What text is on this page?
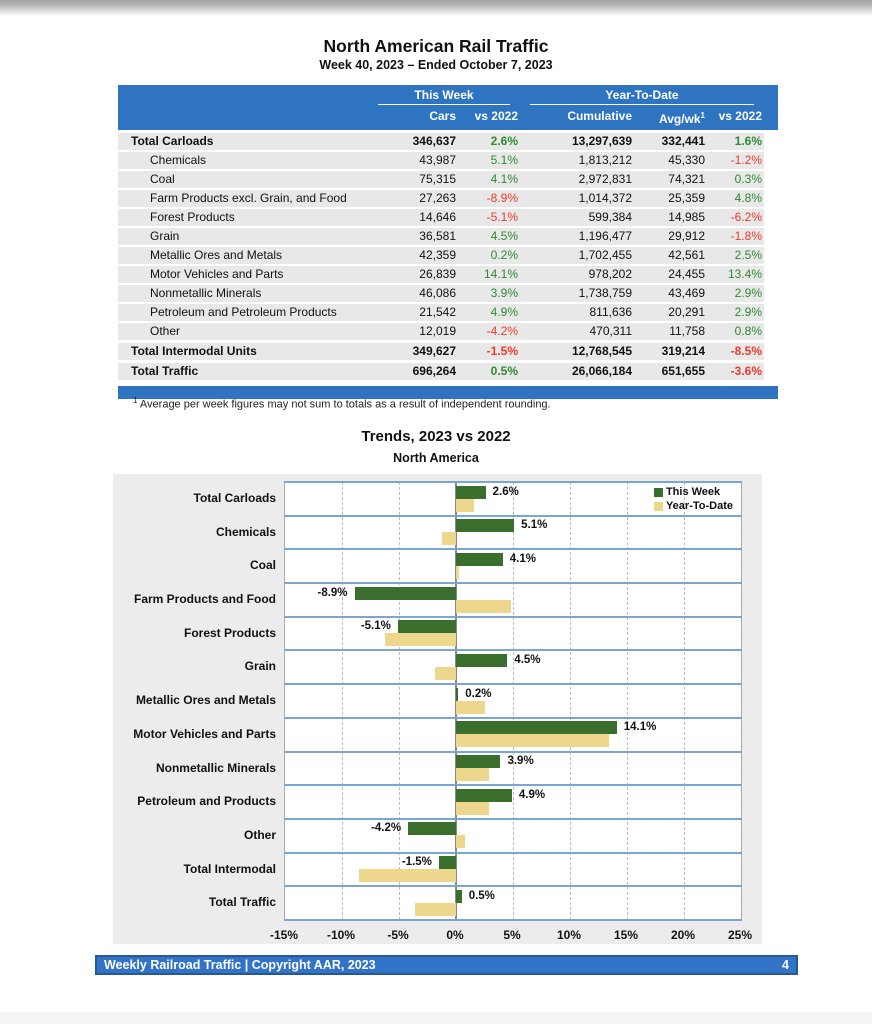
North American Rail Traffic
Week 40, 2023 – Ended October 7, 2023
This Week	Year-To-Date
Cars	vs 2022	Cumulative	Avg/$wk^1$	vs 2022
Total Carloads	346,637	2.6%	13,297,639	332,441	1.6%
Chemicals	43,987	5.1%	1,813,212	45,330	-1.2%
Coal	75,315	4.1%	2,972,831	74,321	0.3%
Farm Products excl. Grain, and Food	27,263	-8.9%	1,014,372	25,359	4.8%
Forest Products	14,646	-5.1%	599,384	14,985	-6.2%
Grain	36,581	4.5%	1,196,477	29,912	-1.8%
Metallic Ores and Metals	42,359	0.2%	1,702,455	42,561	2.5%
Motor Vehicles and Parts	26,839	14.1%	978,202	24,455	13.4%
Nonmetallic Minerals	46,086	3.9%	1,738,759	43,469	2.9%
Petroleum and Petroleum Products	21,542	4.9%	811,636	20,291	2.9%
Other	12,019	-4.2%	470,311	11,758	0.8%
Total Intermodal Units	349,627	-1.5%	12,768,545	319,214	-8.5%
Total Traffic	696,264	0.5%	26,066,184	651,655	-3.6%
$^1$ Average per week figures may not sum to totals as a result of independent rounding.
Trends, 2023 vs 2022
North America
This Week
Year-To-Date
2.6%
5.1%
4.1%
-8.9%
-5.1%
4.5%
0.2%
14.1%
3.9%
4.9%
-4.2%
-1.5%
0.5%
Total Carloads
Chemicals
Coal
Farm Products and Food
Forest Products
Grain
Metallic Ores and Metals
Motor Vehicles and Parts
Nonmetallic Minerals
Petroleum and Products
Other
Total Intermodal
Total Traffic
-15%	-10%	-5%	0%	5%	10%	15%	20%	25%
Weekly Railroad Traffic | Copyright AAR, 2023	4
